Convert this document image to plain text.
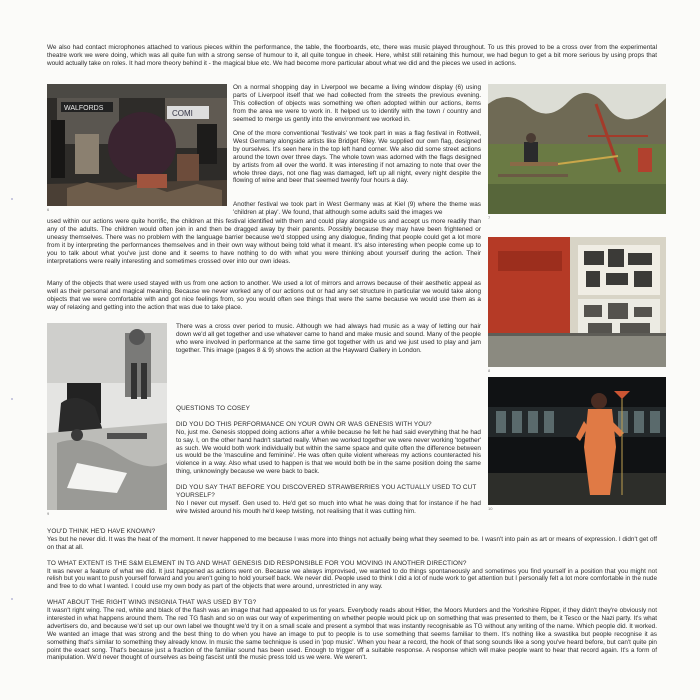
We also had contact microphones attached to various pieces within the performance, the table, the floorboards, etc, there was music played throughout. To us this proved to be a cross over from the experimental theatre work we were doing, which was all quite fun with a strong sense of humour to it, all quite tongue in cheek. Here, whilst still retaining this humour, we had begun to get a bit more serious by using props that would actually take on roles. It had more theory behind it - the magical blue etc. We had become more particular about what we did and the pieces we used in actions.

WALFORDS
COMI
6

On a normal shopping day in Liverpool we became a living window display (6) using parts of Liverpool itself that we had collected from the streets the previous evening. This collection of objects was something we often adopted within our actions, items from the area we were to work in. It helped us to identify with the town / country and seemed to merge us gently into the environment we worked in.

One of the more conventional 'festivals' we took part in was a flag festival in Rottweil, West Germany alongside artists like Bridget Riley. We supplied our own flag, designed by ourselves. It's seen here in the top left hand corner. We also did some street actions around the town over three days. The whole town was adorned with the flags designed by artists from all over the world. It was interesting if not amazing to note that over the whole three days, not one flag was damaged, left up all night, every night despite the flowing of wine and beer that seemed twenty four hours a day.

Another festival we took part in West Germany was at Kiel (9) where the theme was 'children at play'. We found, that although some adults said the images we

7
8

used within our actions were quite horrific, the children at this festival identified with them and could play alongside us and accept us more readily than any of the adults. The children would often join in and then be dragged away by their parents. Possibly because they may have been frightened or uneasy themselves. There was no problem with the language barrier because we'd stopped using any dialogue, finding that people could get a lot more from it by interpreting the performances themselves and in their own way without being told what it meant. It's also interesting when people come up to you to talk about what you've just done and it seems to have nothing to do with what you were thinking about yourself during the action. Their interpretations were really interesting and sometimes crossed over into our own ideas.

Many of the objects that were used stayed with us from one action to another. We used a lot of mirrors and arrows because of their aesthetic appeal as well as their personal and magical meaning. Because we never worked any of our actions out or had any set structure in particular we would take along objects that we were comfortable with and got nice feelings from, so you would often see things that were the same because we would use them as a way of relaxing and getting into the action that was due to take place.

9

There was a cross over period to music. Although we had always had music as a way of letting our hair down we'd all get together and use whatever came to hand and make music and sound. Many of the people who were involved in performance at the same time got together with us and we just used to play and jam together. This image (pages 8 & 9) shows the action at the Hayward Gallery in London.

QUESTIONS TO COSEY

DID YOU DO THIS PERFORMANCE ON YOUR OWN OR WAS GENESIS WITH YOU?

No, just me. Genesis stopped doing actions after a while because he felt he had said everything that he had to say. I, on the other hand hadn't started really. When we worked together we were never working 'together' as such. We would both work individually but within the same space and quite often the difference between us would be the 'masculine and feminine'. He was often quite violent whereas my actions counteracted his violence in a way. Also what used to happen is that we would both be in the same position doing the same thing, unknowingly because we were back to back.

DID YOU SAY THAT BEFORE YOU DISCOVERED STRAWBERRIES YOU ACTUALLY USED TO CUT YOURSELF?

No I never cut myself. Gen used to. He'd get so much into what he was doing that for instance if he had wire twisted around his mouth he'd keep twisting, not realising that it was cutting him.	10

YOU'D THINK HE'D HAVE KNOWN?

Yes but he never did. It was the heat of the moment. It never happened to me because I was more into things not actually being what they seemed to be. I wasn't into pain as art or means of expression. I didn't get off on that at all.

TO WHAT EXTENT IS THE S&M ELEMENT IN TG AND WHAT GENESIS DID RESPONSIBLE FOR YOU MOVING IN ANOTHER DIRECTION?

It was never a feature of what we did. It just happened as actions went on. Because we always improvised, we wanted to do things spontaneously and sometimes you find yourself in a position that you might not relish but you want to push yourself forward and you aren't going to hold yourself back. We never did. People used to think I did a lot of nude work to get attention but I personally felt a lot more comfortable in the nude and free to do what I wanted. I could use my own body as part of the objects that were around, unrestricted in any way.

WHAT ABOUT THE RIGHT WING INSIGNIA THAT WAS USED BY TG?

It wasn't right wing. The red, white and black of the flash was an image that had appealed to us for years. Everybody reads about Hitler, the Moors Murders and the Yorkshire Ripper, if they didn't they're obviously not interested in what happens around them. The red TG flash and so on was our way of experimenting on whether people would pick up on something that was presented to them, be it Tesco or the Nazi party. It's what advertisers do, and because we'd set up our own label we thought we'd try it on a small scale and present a symbol that was instantly recognisable as TG without any writing of the name. Which people did. It worked. We wanted an image that was strong and the best thing to do when you have an image to put to people is to use something that seems familiar to them. It's nothing like a swastika but people recognise it as something that's similar to something they already know. In music the same technique is used in 'pop music'. When you hear a record, the hook of that song sounds like a song you've heard before, but can't quite pin point the exact song. That's because just a fraction of the familiar sound has been used. Enough to trigger off a suitable response. A response which will make people want to hear that record again. It's a form of manipulation. We'd never thought of ourselves as being fascist until the music press told us we were. We weren't.
